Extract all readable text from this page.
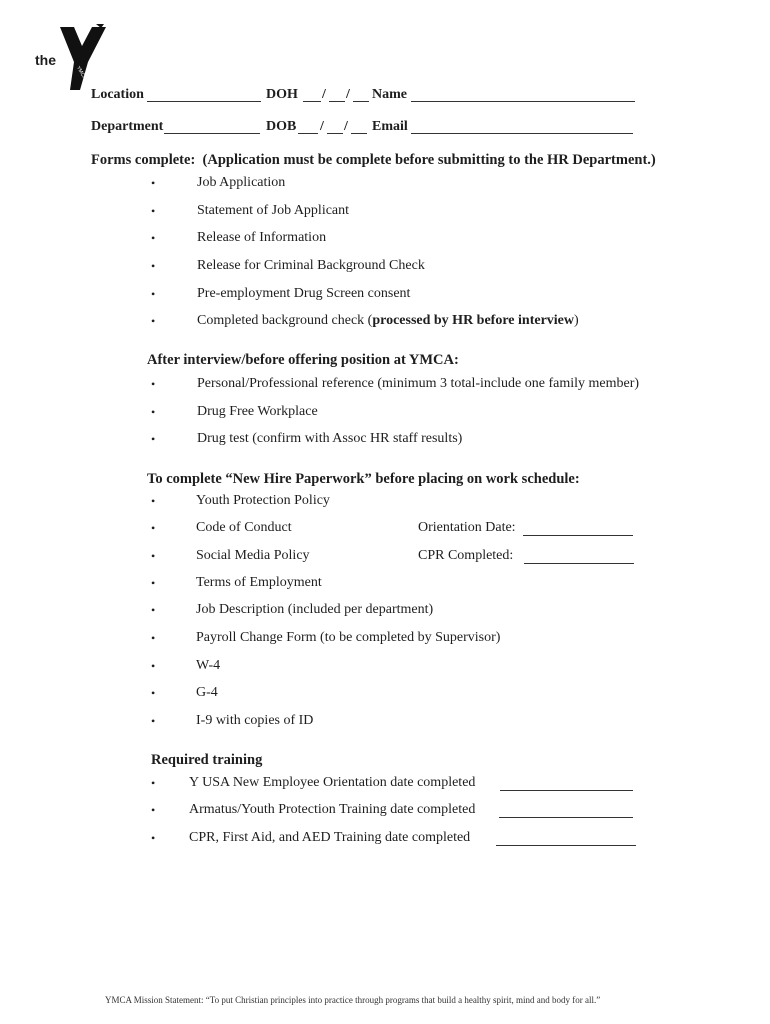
the
YMCA
Location	DOH / / Name
Department	DOB / / Email
Forms complete: (Application must be complete before submitting to the HR Department.)
•	Job Application
•	Statement of Job Applicant
•	Release of Information
•	Release for Criminal Background Check
•	Pre-employment Drug Screen consent
•	Completed background check (processed by HR before interview)
After interview/before offering position at YMCA:
•	Personal/Professional reference (minimum 3 total-include one family member)
•	Drug Free Workplace
•	Drug test (confirm with Assoc HR staff results)
To complete “New Hire Paperwork” before placing on work schedule:
•	Youth Protection Policy
•	Code of Conduct	Orientation Date:
•	Social Media Policy	CPR Completed:
•	Terms of Employment
•	Job Description (included per department)
•	Payroll Change Form (to be completed by Supervisor)
•	W-4
•	G-4
•	I-9 with copies of ID
Required training
• Y USA New Employee Orientation date completed
• Armatus/Youth Protection Training date completed
• CPR, First Aid, and AED Training date completed
YMCA Mission Statement: “To put Christian principles into practice through programs that build a healthy spirit, mind and body for all.”
